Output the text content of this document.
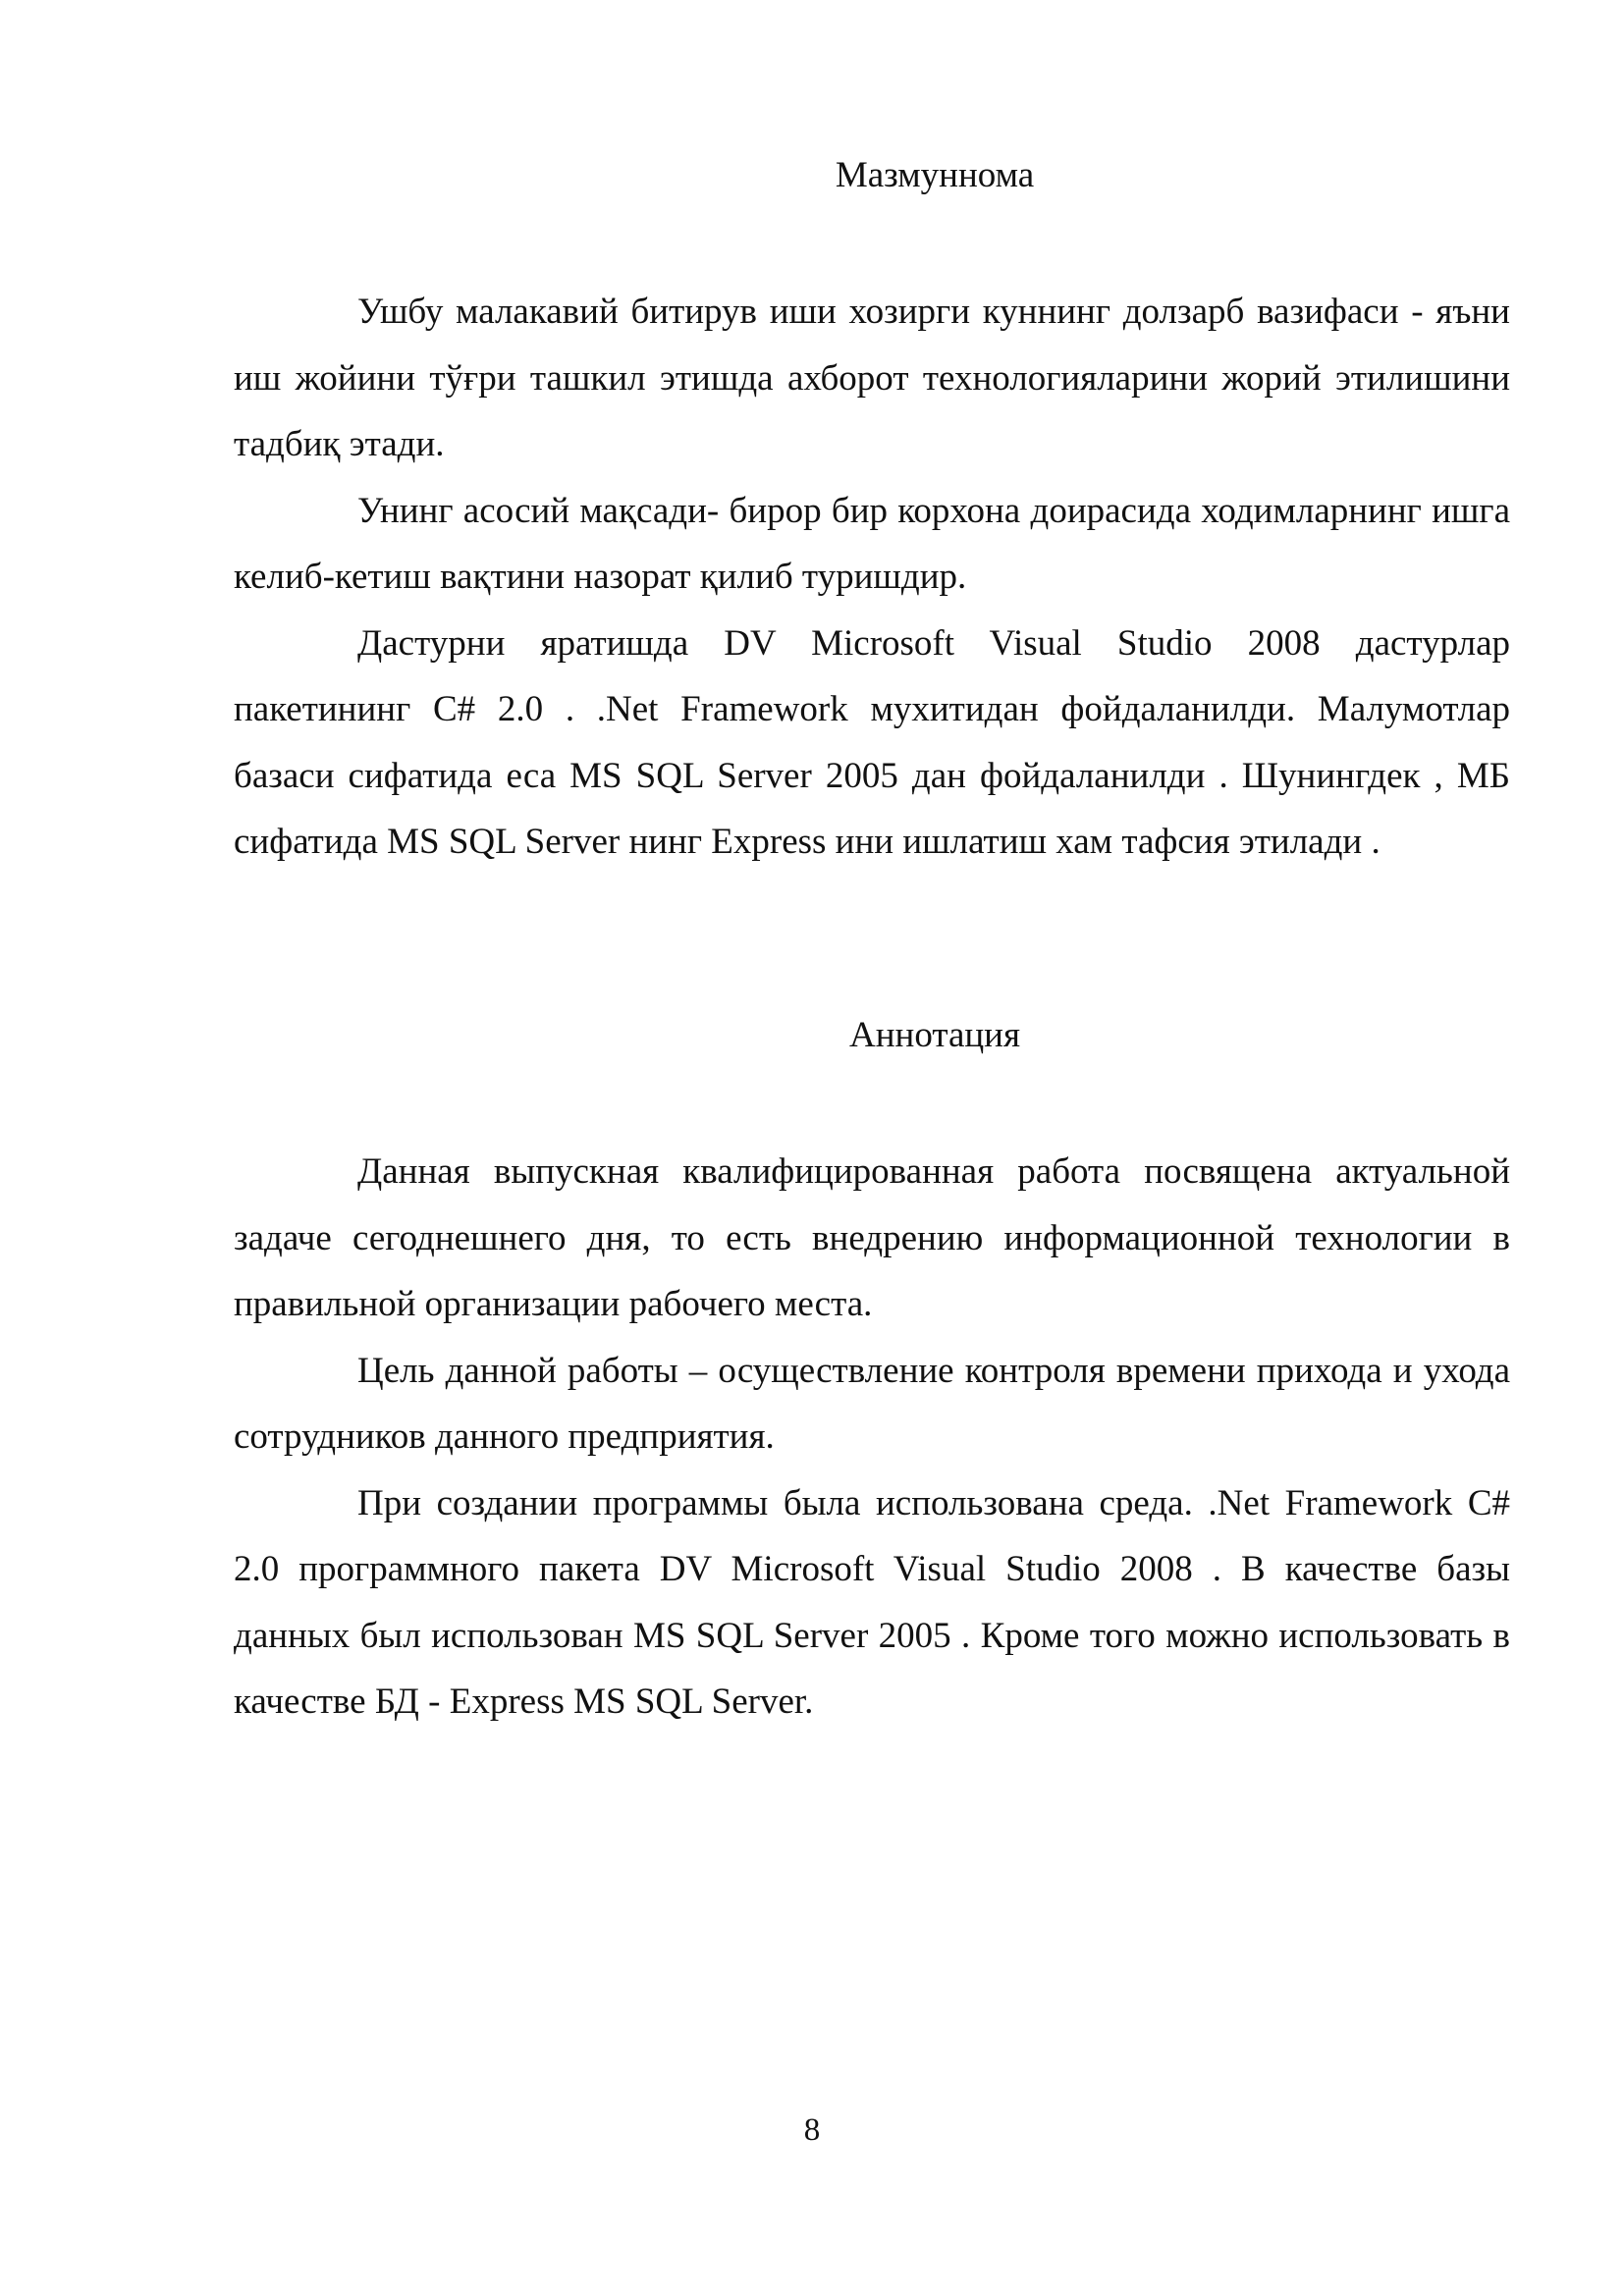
Мазмуннома

Ушбу малакавий битирув иши хозирги куннинг долзарб вазифаси - яъни иш жойини тўғри ташкил этишда ахборот технологияларини жорий этилишини тадбиқ этади.

Унинг асосий мақсади- бирор бир корхона доирасида ходимларнинг ишга келиб-кетиш вақтини назорат қилиб туришдир.

Дастурни яратишда DV Microsoft Visual Studio 2008 дастурлар пакетининг C# 2.0 . .Net Framework мухитидан фойдаланилди. Малумотлар базаси сифатида еса MS SQL Server 2005 дан фойдаланилди . Шунингдек , МБ сифатида MS SQL Server нинг Express ини ишлатиш хам тафсия этилади .

Аннотация

Данная выпускная квалифицированная работа посвящена актуальной задаче сегоднешнего дня, то есть внедрению информационной технологии в правильной организации рабочего места.

Цель данной работы – осуществление контроля времени прихода и ухода сотрудников данного предприятия.

При создании программы была использована среда. .Net Framework C# 2.0 программного пакета DV Microsoft Visual Studio 2008 . В качестве базы данных был использован MS SQL Server 2005 . Кроме того можно использовать в качестве БД - Express MS SQL Server.

8
